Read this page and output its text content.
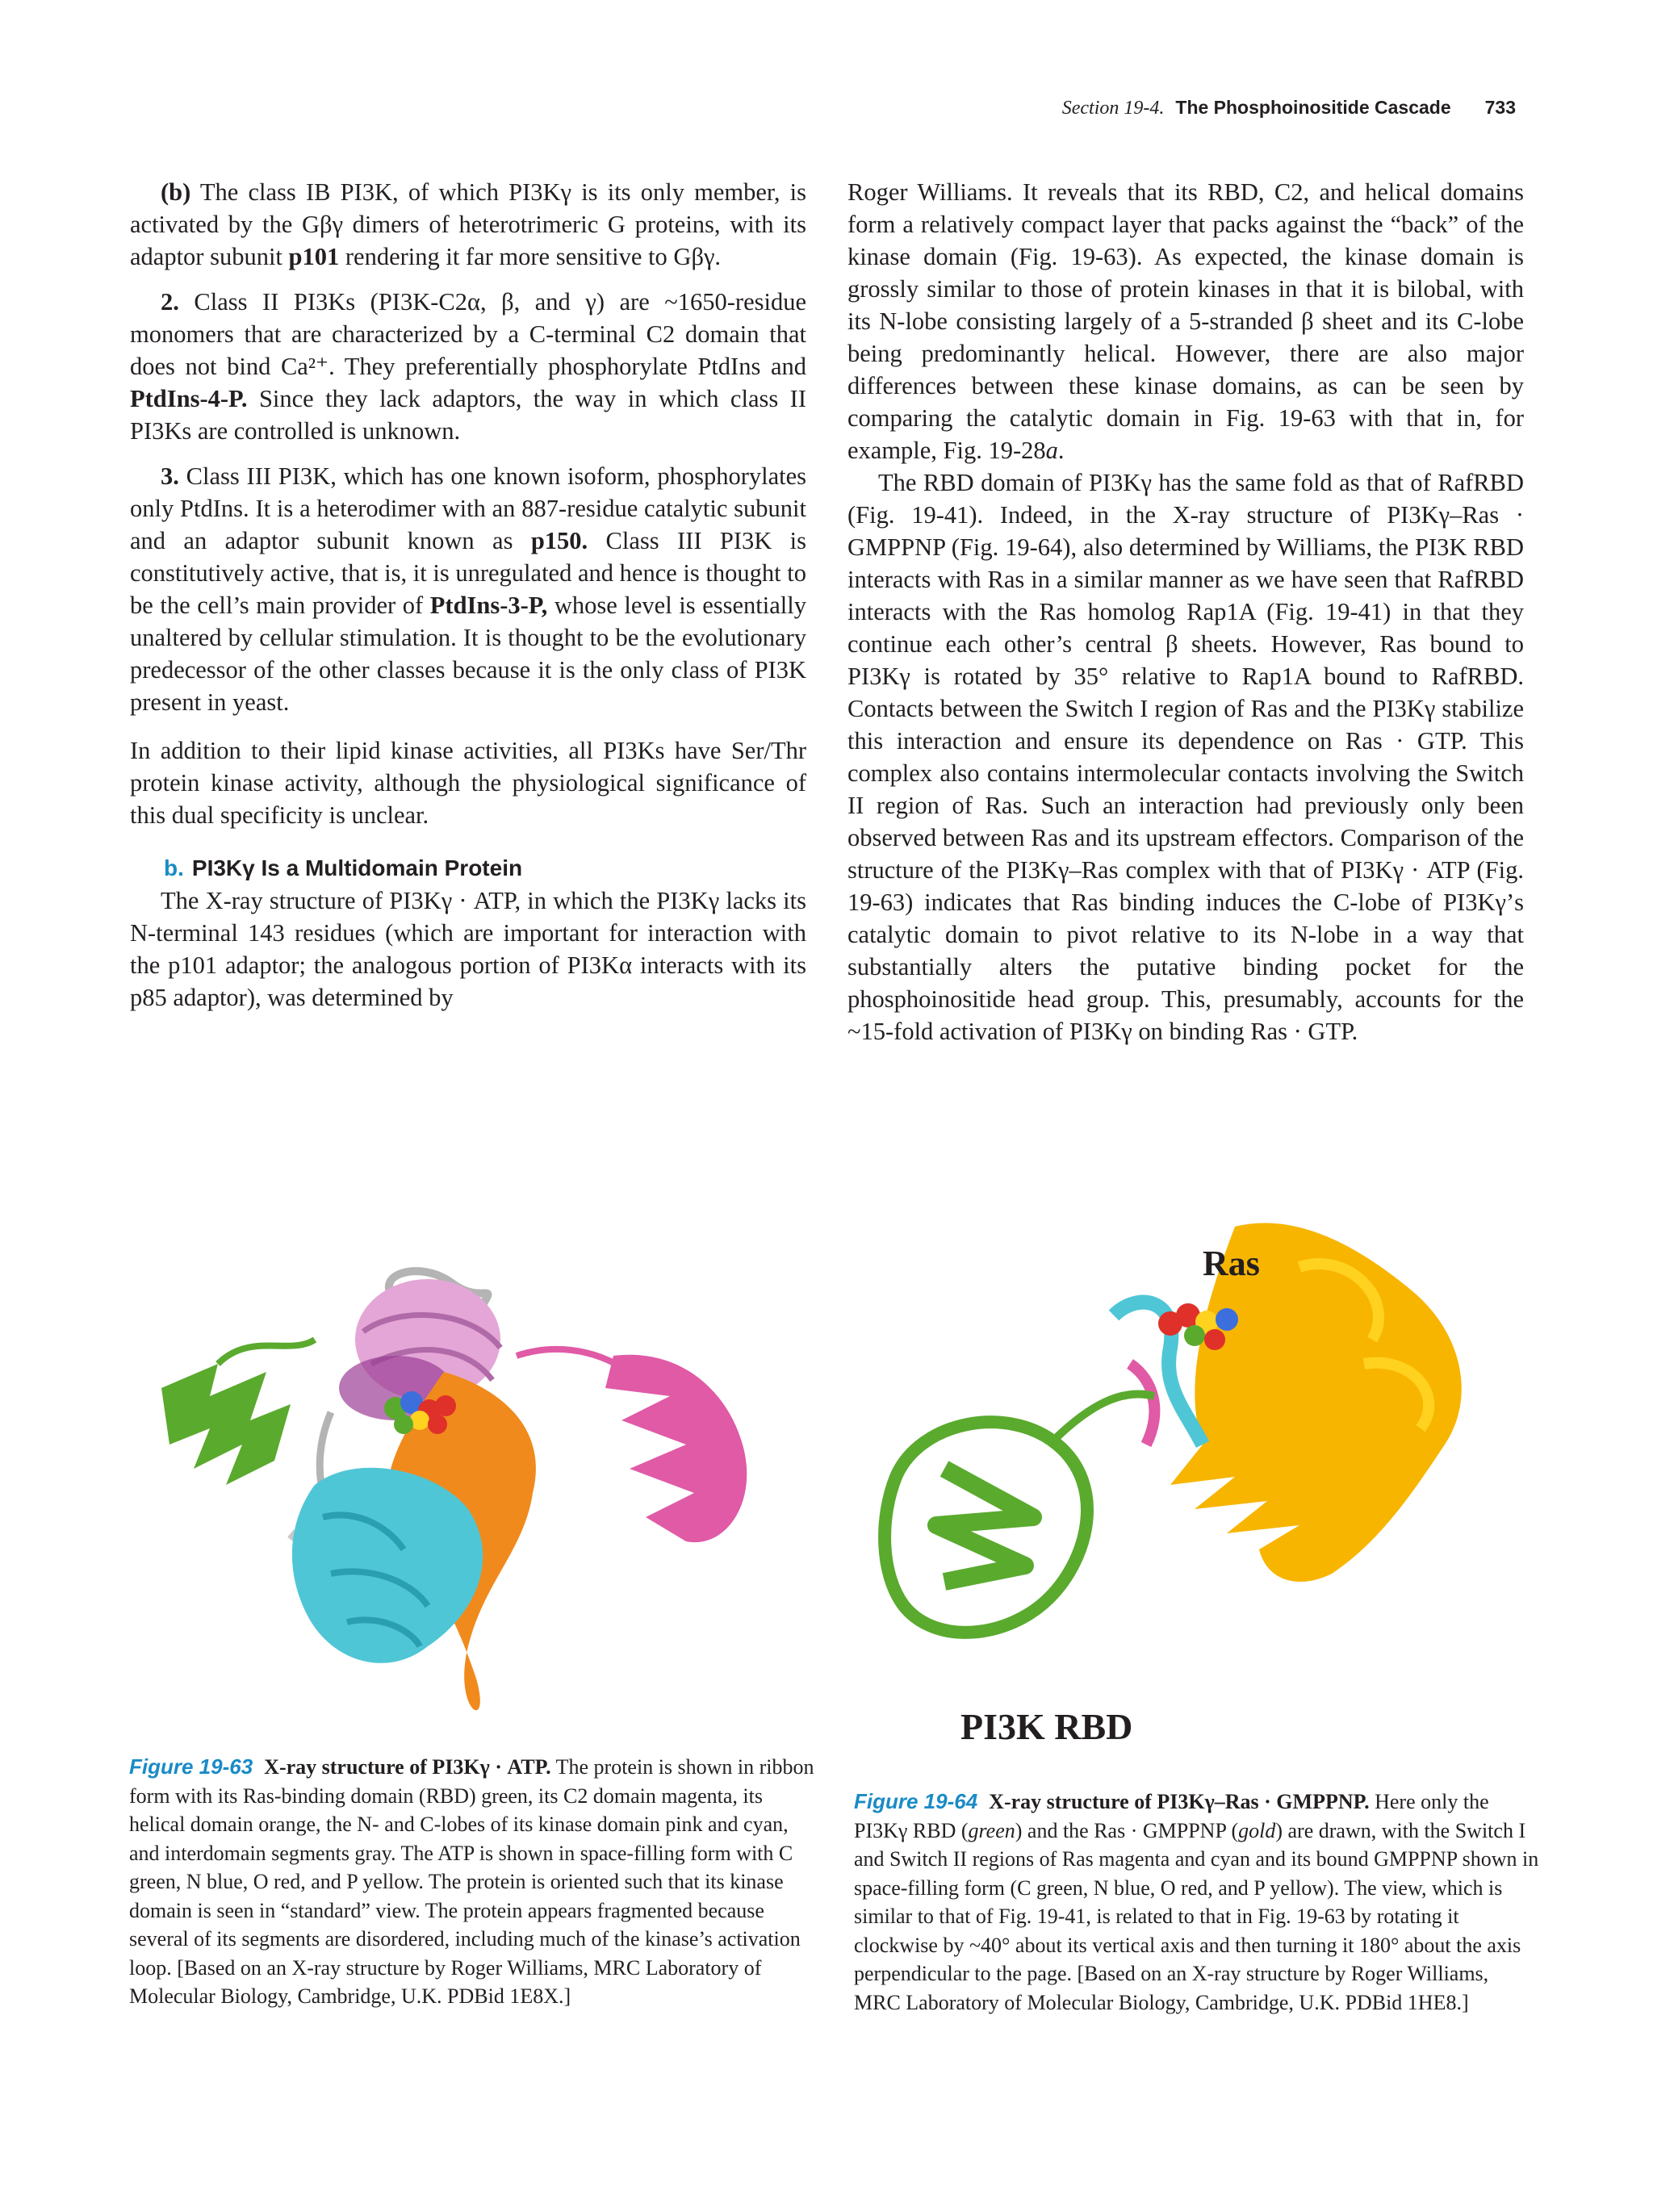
Section 19-4. The Phosphoinositide Cascade 733

(b) The class IB PI3K, of which PI3Kγ is its only member, is activated by the Gβγ dimers of heterotrimeric G proteins, with its adaptor subunit p101 rendering it far more sensitive to Gβγ.

2. Class II PI3Ks (PI3K-C2α, β, and γ) are ~1650-residue monomers that are characterized by a C-terminal C2 domain that does not bind Ca²⁺. They preferentially phosphorylate PtdIns and PtdIns-4-P. Since they lack adaptors, the way in which class II PI3Ks are controlled is unknown.

3. Class III PI3K, which has one known isoform, phosphorylates only PtdIns. It is a heterodimer with an 887-residue catalytic subunit and an adaptor subunit known as p150. Class III PI3K is constitutively active, that is, it is unregulated and hence is thought to be the cell’s main provider of PtdIns-3-P, whose level is essentially unaltered by cellular stimulation. It is thought to be the evolutionary predecessor of the other classes because it is the only class of PI3K present in yeast.

In addition to their lipid kinase activities, all PI3Ks have Ser/Thr protein kinase activity, although the physiological significance of this dual specificity is unclear.

b. PI3Kγ Is a Multidomain Protein

The X-ray structure of PI3Kγ · ATP, in which the PI3Kγ lacks its N-terminal 143 residues (which are important for interaction with the p101 adaptor; the analogous portion of PI3Kα interacts with its p85 adaptor), was determined by

Roger Williams. It reveals that its RBD, C2, and helical domains form a relatively compact layer that packs against the “back” of the kinase domain (Fig. 19-63). As expected, the kinase domain is grossly similar to those of protein kinases in that it is bilobal, with its N-lobe consisting largely of a 5-stranded β sheet and its C-lobe being predominantly helical. However, there are also major differences between these kinase domains, as can be seen by comparing the catalytic domain in Fig. 19-63 with that in, for example, Fig. 19-28a.

The RBD domain of PI3Kγ has the same fold as that of RafRBD (Fig. 19-41). Indeed, in the X-ray structure of PI3Kγ–Ras · GMPPNP (Fig. 19-64), also determined by Williams, the PI3K RBD interacts with Ras in a similar manner as we have seen that RafRBD interacts with the Ras homolog Rap1A (Fig. 19-41) in that they continue each other’s central β sheets. However, Ras bound to PI3Kγ is rotated by 35° relative to Rap1A bound to RafRBD. Contacts between the Switch I region of Ras and the PI3Kγ stabilize this interaction and ensure its dependence on Ras · GTP. This complex also contains intermolecular contacts involving the Switch II region of Ras. Such an interaction had previously only been observed between Ras and its upstream effectors. Comparison of the structure of the PI3Kγ–Ras complex with that of PI3Kγ · ATP (Fig. 19-63) indicates that Ras binding induces the C-lobe of PI3Kγ’s catalytic domain to pivot relative to its N-lobe in a way that substantially alters the putative binding pocket for the phosphoinositide head group. This, presumably, accounts for the ~15-fold activation of PI3Kγ on binding Ras · GTP.

Ras
PI3K RBD
Figure 19-63 X-ray structure of PI3Kγ · ATP. The protein is shown in ribbon form with its Ras-binding domain (RBD) green, its C2 domain magenta, its helical domain orange, the N- and C-lobes of its kinase domain pink and cyan, and interdomain segments gray. The ATP is shown in space-filling form with C green, N blue, O red, and P yellow. The protein is oriented such that its kinase domain is seen in “standard” view. The protein appears fragmented because several of its segments are disordered, including much of the kinase’s activation loop. [Based on an X-ray structure by Roger Williams, MRC Laboratory of Molecular Biology, Cambridge, U.K. PDBid 1E8X.]
Figure 19-64 X-ray structure of PI3Kγ–Ras · GMPPNP. Here only the PI3Kγ RBD (green) and the Ras · GMPPNP (gold) are drawn, with the Switch I and Switch II regions of Ras magenta and cyan and its bound GMPPNP shown in space-filling form (C green, N blue, O red, and P yellow). The view, which is similar to that of Fig. 19-41, is related to that in Fig. 19-63 by rotating it clockwise by ~40° about its vertical axis and then turning it 180° about the axis perpendicular to the page. [Based on an X-ray structure by Roger Williams, MRC Laboratory of Molecular Biology, Cambridge, U.K. PDBid 1HE8.]
